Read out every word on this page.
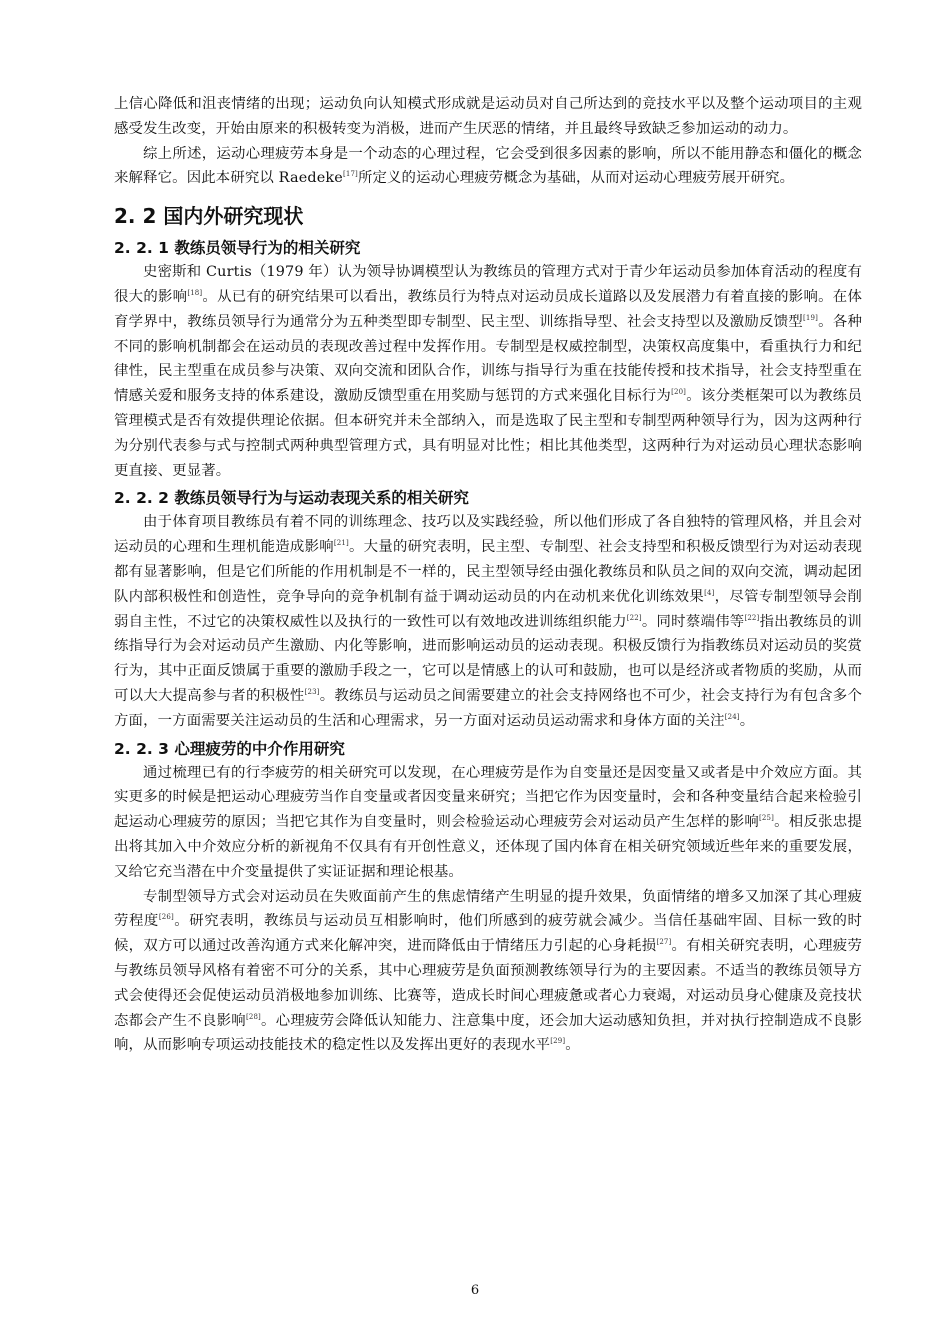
上信心降低和沮丧情绪的出现；运动负向认知模式形成就是运动员对自己所达到的竞技水平以及整个运动项目的主观感受发生改变，开始由原来的积极转变为消极，进而产生厌恶的情绪，并且最终导致缺乏参加运动的动力。

综上所述，运动心理疲劳本身是一个动态的心理过程，它会受到很多因素的影响，所以不能用静态和僵化的概念来解释它。因此本研究以 Raedeke[17]所定义的运动心理疲劳概念为基础，从而对运动心理疲劳展开研究。

2. 2 国内外研究现状
2. 2. 1 教练员领导行为的相关研究

史密斯和 Curtis（1979 年）认为领导协调模型认为教练员的管理方式对于青少年运动员参加体育活动的程度有很大的影响[18]。从已有的研究结果可以看出，教练员行为特点对运动员成长道路以及发展潜力有着直接的影响。在体育学界中，教练员领导行为通常分为五种类型即专制型、民主型、训练指导型、社会支持型以及激励反馈型[19]。各种不同的影响机制都会在运动员的表现改善过程中发挥作用。专制型是权威控制型，决策权高度集中，看重执行力和纪律性，民主型重在成员参与决策、双向交流和团队合作，训练与指导行为重在技能传授和技术指导，社会支持型重在情感关爱和服务支持的体系建设，激励反馈型重在用奖励与惩罚的方式来强化目标行为[20]。该分类框架可以为教练员管理模式是否有效提供理论依据。但本研究并未全部纳入，而是选取了民主型和专制型两种领导行为，因为这两种行为分别代表参与式与控制式两种典型管理方式，具有明显对比性；相比其他类型，这两种行为对运动员心理状态影响更直接、更显著。

2. 2. 2 教练员领导行为与运动表现关系的相关研究

由于体育项目教练员有着不同的训练理念、技巧以及实践经验，所以他们形成了各自独特的管理风格，并且会对运动员的心理和生理机能造成影响[21]。大量的研究表明，民主型、专制型、社会支持型和积极反馈型行为对运动表现都有显著影响，但是它们所能的作用机制是不一样的，民主型领导经由强化教练员和队员之间的双向交流，调动起团队内部积极性和创造性，竞争导向的竞争机制有益于调动运动员的内在动机来优化训练效果[4]，尽管专制型领导会削弱自主性，不过它的决策权威性以及执行的一致性可以有效地改进训练组织能力[22]。同时蔡端伟等[22]指出教练员的训练指导行为会对运动员产生激励、内化等影响，进而影响运动员的运动表现。积极反馈行为指教练员对运动员的奖赏行为，其中正面反馈属于重要的激励手段之一，它可以是情感上的认可和鼓励，也可以是经济或者物质的奖励，从而可以大大提高参与者的积极性[23]。教练员与运动员之间需要建立的社会支持网络也不可少，社会支持行为有包含多个方面，一方面需要关注运动员的生活和心理需求，另一方面对运动员运动需求和身体方面的关注[24]。

2. 2. 3 心理疲劳的中介作用研究

通过梳理已有的行李疲劳的相关研究可以发现，在心理疲劳是作为自变量还是因变量又或者是中介效应方面。其实更多的时候是把运动心理疲劳当作自变量或者因变量来研究；当把它作为因变量时，会和各种变量结合起来检验引起运动心理疲劳的原因；当把它其作为自变量时，则会检验运动心理疲劳会对运动员产生怎样的影响[25]。相反张忠提出将其加入中介效应分析的新视角不仅具有有开创性意义，还体现了国内体育在相关研究领域近些年来的重要发展，又给它充当潜在中介变量提供了实证证据和理论根基。

专制型领导方式会对运动员在失败面前产生的焦虑情绪产生明显的提升效果，负面情绪的增多又加深了其心理疲劳程度[26]。研究表明，教练员与运动员互相影响时，他们所感到的疲劳就会减少。当信任基础牢固、目标一致的时候，双方可以通过改善沟通方式来化解冲突，进而降低由于情绪压力引起的心身耗损[27]。有相关研究表明，心理疲劳与教练员领导风格有着密不可分的关系，其中心理疲劳是负面预测教练领导行为的主要因素。不适当的教练员领导方式会使得还会促使运动员消极地参加训练、比赛等，造成长时间心理疲惫或者心力衰竭，对运动员身心健康及竞技状态都会产生不良影响[28]。心理疲劳会降低认知能力、注意集中度，还会加大运动感知负担，并对执行控制造成不良影响，从而影响专项运动技能技术的稳定性以及发挥出更好的表现水平[29]。

6
